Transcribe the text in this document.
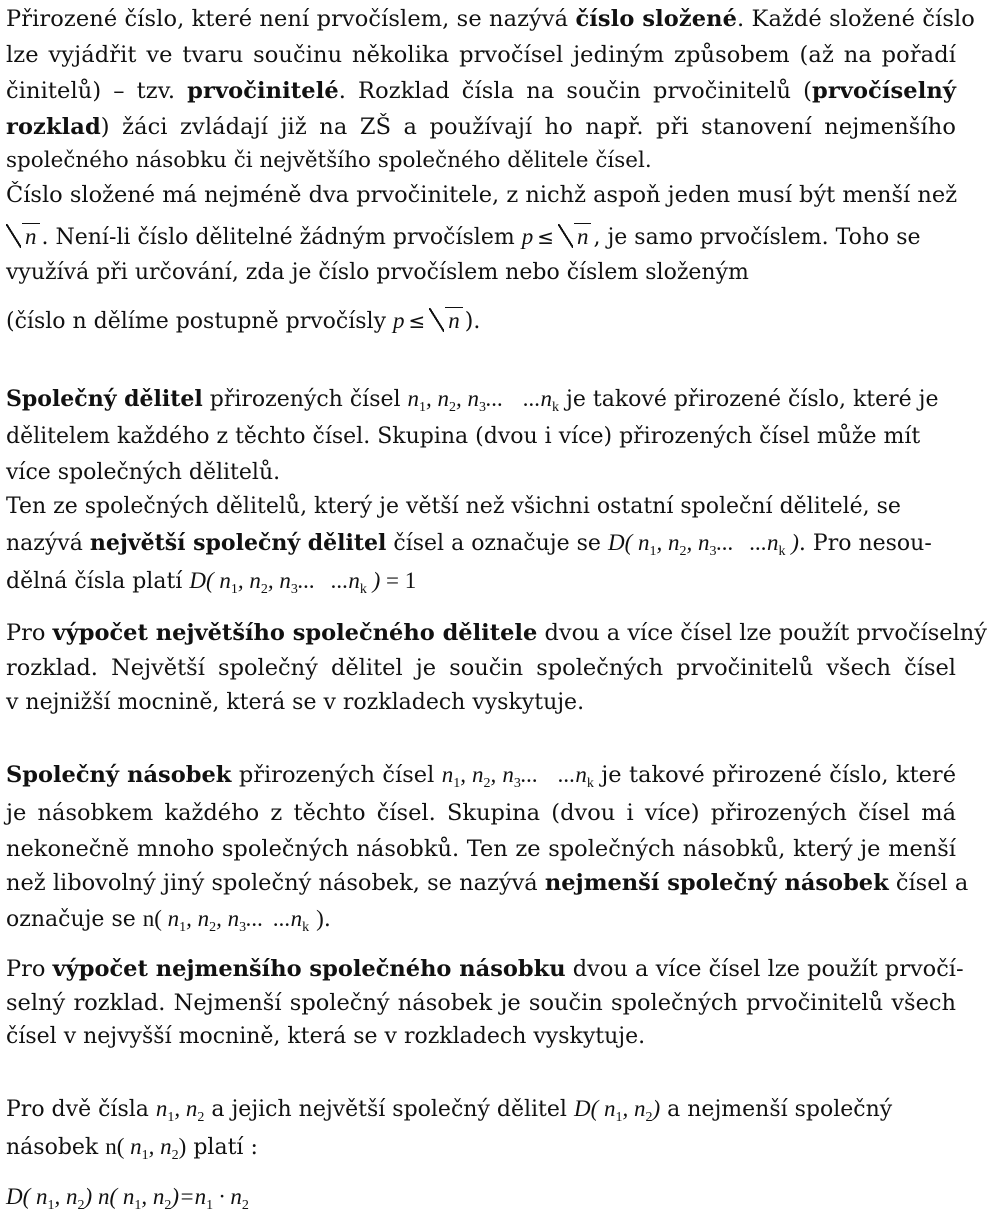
Přirozené číslo, které není prvočíslem, se nazývá číslo složené. Každé složené číslo
lze vyjádřit ve tvaru součinu několika prvočísel jediným způsobem (až na pořadí
činitelů) – tzv. prvočinitelé. Rozklad čísla na součin prvočinitelů (prvočíselný
rozklad) žáci zvládají již na ZŠ a používají ho např. při stanovení nejmenšího
společného násobku či největšího společného dělitele čísel.
Číslo složené má nejméně dva prvočinitele, z nichž aspoň jeden musí být menší než
n . Není-li číslo dělitelné žádným prvočíslem p ≤ n , je samo prvočíslem. Toho se
využívá při určování, zda je číslo prvočíslem nebo číslem složeným
(číslo n dělíme postupně prvočísly p ≤ n ).
Společný dělitel přirozených čísel $n_1$, $n_2$, $n_3$... $...n_k$ je takové přirozené číslo, které je
dělitelem každého z těchto čísel. Skupina (dvou i více) přirozených čísel může mít
více společných dělitelů.
Ten ze společných dělitelů, který je větší než všichni ostatní společní dělitelé, se
nazývá největší společný dělitel čísel a označuje se D( $n_1$, $n_2$, $n_3$... $...n_k$ ). Pro nesou-
dělná čísla platí D( $n_1$, $n_2$, $n_3$... $...n_k$ ) = 1
Pro výpočet největšího společného dělitele dvou a více čísel lze použít prvočíselný
rozklad. Největší společný dělitel je součin společných prvočinitelů všech čísel
v nejnižší mocnině, která se v rozkladech vyskytuje.
Společný násobek přirozených čísel $n_1$, $n_2$, $n_3$... $...n_k$ je takové přirozené číslo, které
je násobkem každého z těchto čísel. Skupina (dvou i více) přirozených čísel má
nekonečně mnoho společných násobků. Ten ze společných násobků, který je menší
než libovolný jiný společný násobek, se nazývá nejmenší společný násobek čísel a
označuje se n( $n_1$, $n_2$, $n_3$... $...n_k$ ).
Pro výpočet nejmenšího společného násobku dvou a více čísel lze použít prvočí-
selný rozklad. Nejmenší společný násobek je součin společných prvočinitelů všech
čísel v nejvyšší mocnině, která se v rozkladech vyskytuje.
Pro dvě čísla $n_1$, $n_2$ a jejich největší společný dělitel D( $n_1$, $n_2$) a nejmenší společný
násobek n( $n_1$, $n_2$) platí :
D( $n_1$, $n_2$) n( $n_1$, $n_2)=n_1 \cdot n_2$
